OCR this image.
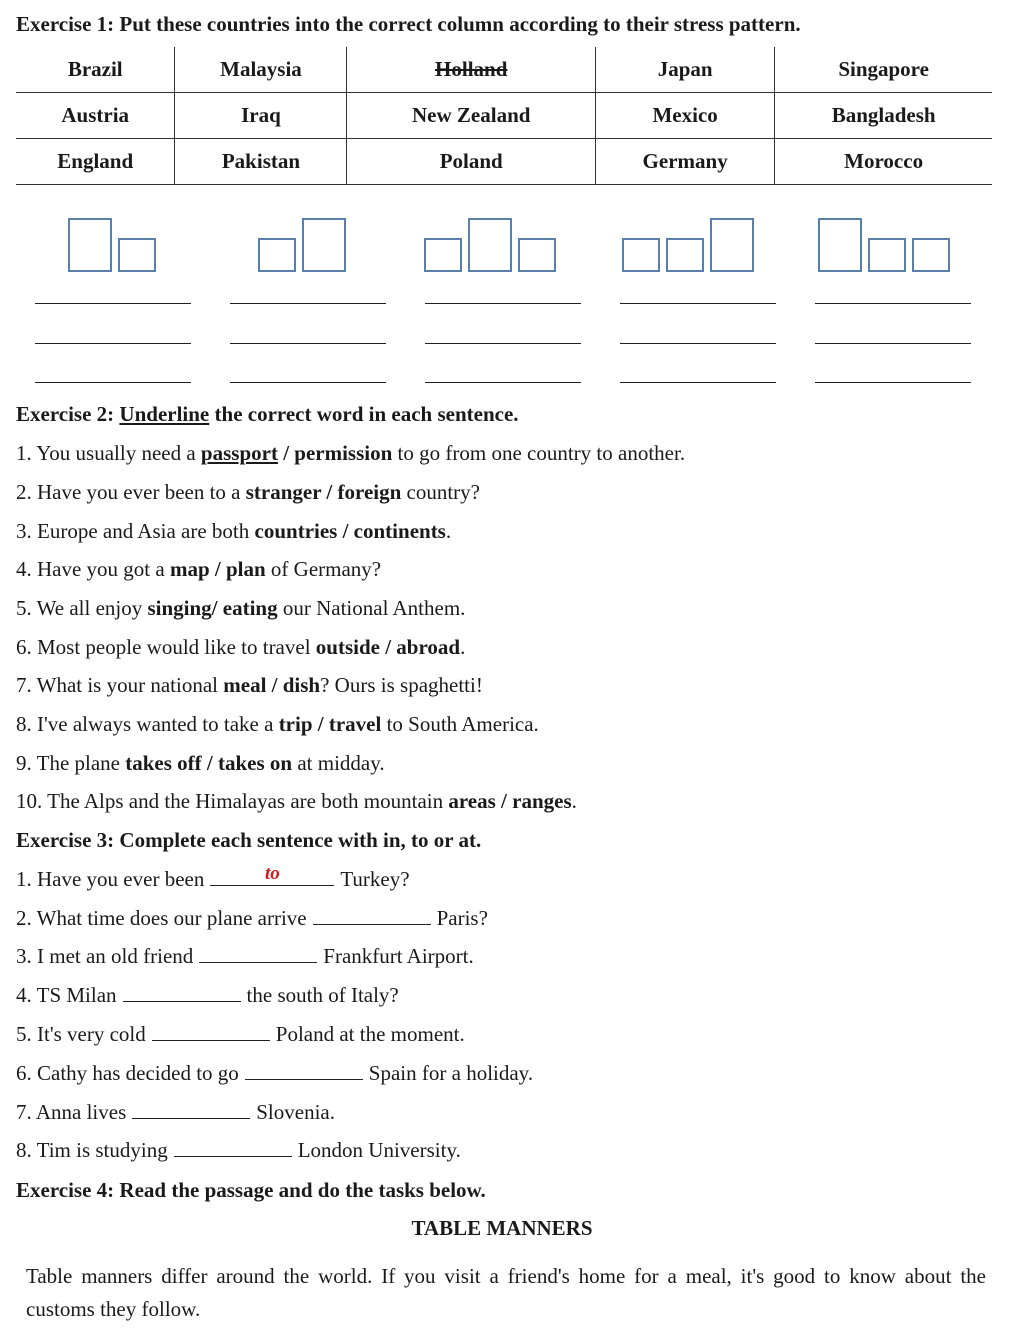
Exercise 1: Put these countries into the correct column according to their stress pattern.
Brazil	Malaysia	Holland	Japan	Singapore
Austria	Iraq	New Zealand	Mexico	Bangladesh
England	Pakistan	Poland	Germany	Morocco
Exercise 2: Underline the correct word in each sentence.
1. You usually need a passport / permission to go from one country to another.
2. Have you ever been to a stranger / foreign country?
3. Europe and Asia are both countries / continents.
4. Have you got a map / plan of Germany?
5. We all enjoy singing/ eating our National Anthem.
6. Most people would like to travel outside / abroad.
7. What is your national meal / dish? Ours is spaghetti!
8. I've always wanted to take a trip / travel to South America.
9. The plane takes off / takes on at midday.
10. The Alps and the Himalayas are both mountain areas / ranges.
Exercise 3: Complete each sentence with in, to or at.
1. Have you ever been	to	Turkey?
2. What time does our plane arrive	Paris?
3. I met an old friend	Frankfurt Airport.
4. TS Milan	the south of Italy?
5. It's very cold	Poland at the moment.
6. Cathy has decided to go	Spain for a holiday.
7. Anna lives	Slovenia.
8. Tim is studying	London University.
Exercise 4: Read the passage and do the tasks below.
TABLE MANNERS
Table manners differ around the world. If you visit a friend's home for a meal, it's good to know about the customs they follow.
